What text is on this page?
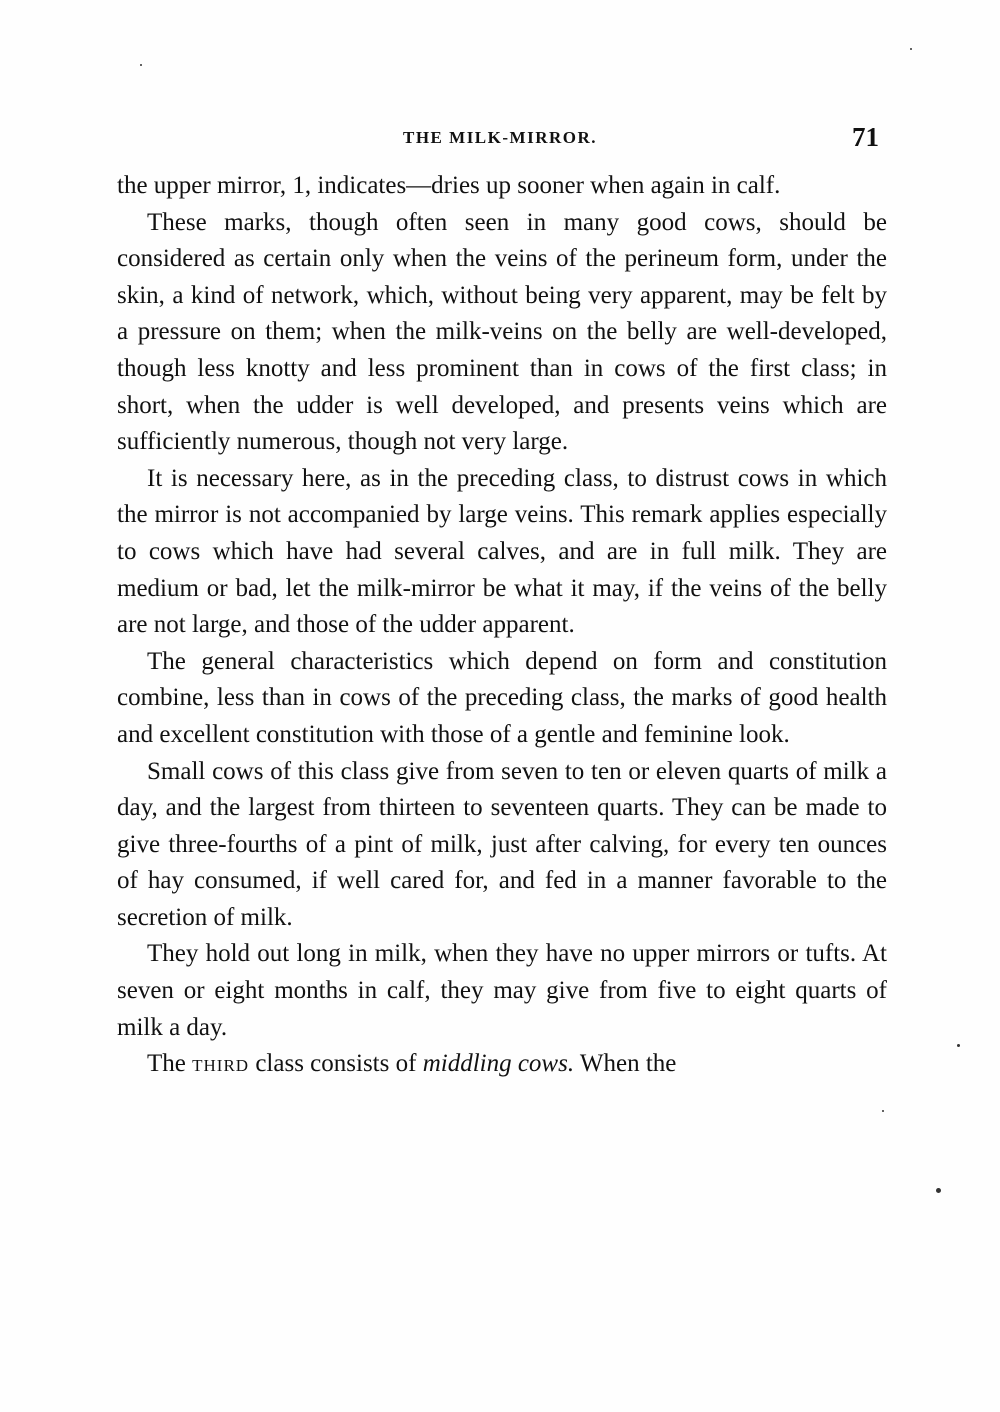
THE MILK-MIRROR.	71

the upper mirror, 1, indicates—dries up sooner when again in calf.

These marks, though often seen in many good cows, should be considered as certain only when the veins of the perineum form, under the skin, a kind of network, which, without being very apparent, may be felt by a pressure on them; when the milk-veins on the belly are well-developed, though less knotty and less prominent than in cows of the first class; in short, when the udder is well developed, and presents veins which are sufficiently numerous, though not very large.

It is necessary here, as in the preceding class, to distrust cows in which the mirror is not accompanied by large veins. This remark applies especially to cows which have had several calves, and are in full milk. They are medium or bad, let the milk-mirror be what it may, if the veins of the belly are not large, and those of the udder apparent.

The general characteristics which depend on form and constitution combine, less than in cows of the preceding class, the marks of good health and excellent constitution with those of a gentle and feminine look.

Small cows of this class give from seven to ten or eleven quarts of milk a day, and the largest from thirteen to seventeen quarts. They can be made to give three-fourths of a pint of milk, just after calving, for every ten ounces of hay consumed, if well cared for, and fed in a manner favorable to the secretion of milk.

They hold out long in milk, when they have no upper mirrors or tufts. At seven or eight months in calf, they may give from five to eight quarts of milk a day.

The THIRD class consists of middling cows. When the
